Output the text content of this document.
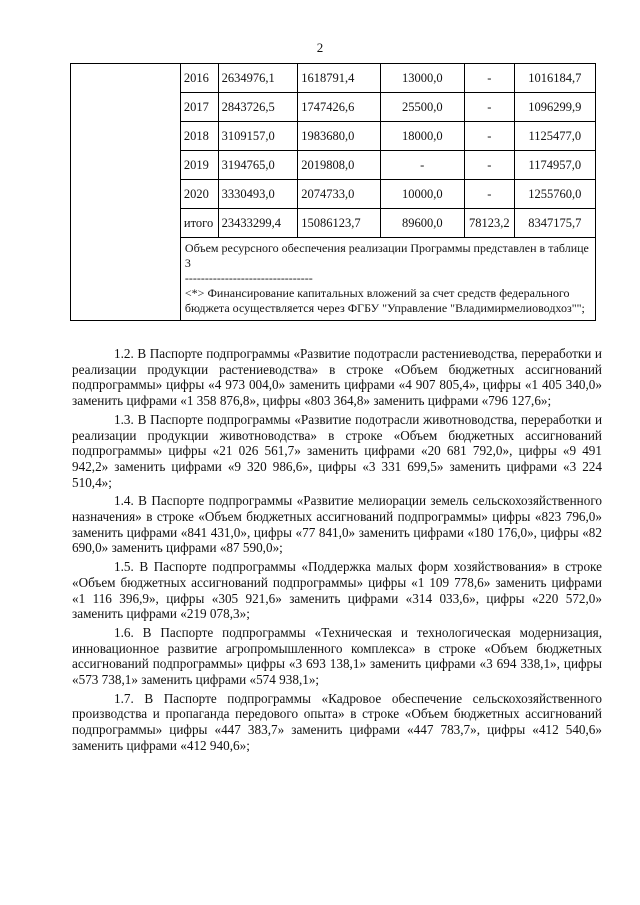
2
	2016	2634976,1	1618791,4	13000,0	-	1016184,7
	2017	2843726,5	1747426,6	25500,0	-	1096299,9
	2018	3109157,0	1983680,0	18000,0	-	1125477,0
	2019	3194765,0	2019808,0	-	-	1174957,0
	2020	3330493,0	2074733,0	10000,0	-	1255760,0
	итого	23433299,4	15086123,7	89600,0	78123,2	8347175,7

	Объем ресурсного обеспечения реализации Программы представлен в таблице 3
--------------------------------
<*> Финансирование капитальных вложений за счет средств федерального бюджета осуществляется через ФГБУ "Управление "Владимирмелиоводхоз"";					

1.2. В Паспорте подпрограммы «Развитие подотрасли растениеводства, переработки и реализации продукции растениеводства» в строке «Объем бюджетных ассигнований подпрограммы» цифры «4 973 004,0» заменить цифрами «4 907 805,4», цифры «1 405 340,0» заменить цифрами «1 358 876,8», цифры «803 364,8» заменить цифрами «796 127,6»;

1.3. В Паспорте подпрограммы «Развитие подотрасли животноводства, переработки и реализации продукции животноводства» в строке «Объем бюджетных ассигнований подпрограммы» цифры «21 026 561,7» заменить цифрами «20 681 792,0», цифры «9 491 942,2» заменить цифрами «9 320 986,6», цифры «3 331 699,5» заменить цифрами «3 224 510,4»;

1.4. В Паспорте подпрограммы «Развитие мелиорации земель сельскохозяйственного назначения» в строке «Объем бюджетных ассигнований подпрограммы» цифры «823 796,0» заменить цифрами «841 431,0», цифры «77 841,0» заменить цифрами «180 176,0», цифры «82 690,0» заменить цифрами «87 590,0»;

1.5. В Паспорте подпрограммы «Поддержка малых форм хозяйствования» в строке «Объем бюджетных ассигнований подпрограммы» цифры «1 109 778,6» заменить цифрами «1 116 396,9», цифры «305 921,6» заменить цифрами «314 033,6», цифры «220 572,0» заменить цифрами «219 078,3»;

1.6. В Паспорте подпрограммы «Техническая и технологическая модернизация, инновационное развитие агропромышленного комплекса» в строке «Объем бюджетных ассигнований подпрограммы» цифры «3 693 138,1» заменить цифрами «3 694 338,1», цифры «573 738,1» заменить цифрами «574 938,1»;

1.7. В Паспорте подпрограммы «Кадровое обеспечение сельскохозяйственного производства и пропаганда передового опыта» в строке «Объем бюджетных ассигнований подпрограммы» цифры «447 383,7» заменить цифрами «447 783,7», цифры «412 540,6» заменить цифрами «412 940,6»;
